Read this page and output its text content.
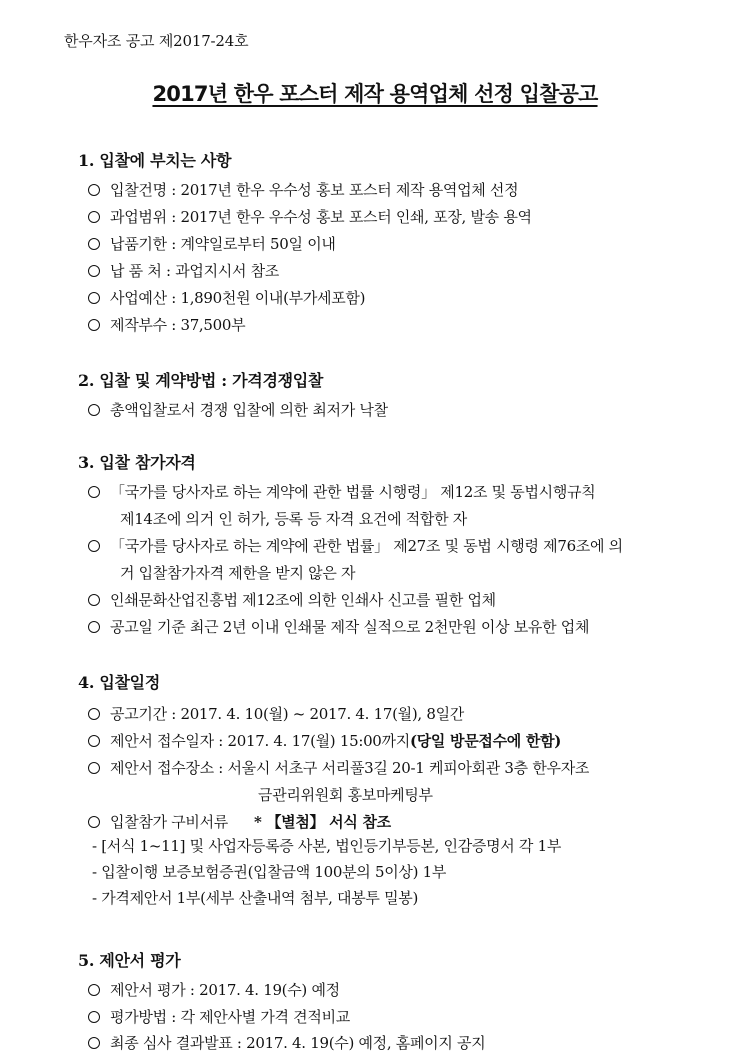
한우자조 공고 제2017-24호
2017년 한우 포스터 제작 용역업체 선정 입찰공고
1. 입찰에 부치는 사항
입찰건명 : 2017년 한우 우수성 홍보 포스터 제작 용역업체 선정
과업범위 : 2017년 한우 우수성 홍보 포스터 인쇄, 포장, 발송 용역
납품기한 : 계약일로부터 50일 이내
납 품 처 : 과업지시서 참조
사업예산 : 1,890천원 이내(부가세포함)
제작부수 : 37,500부
2. 입찰 및 계약방법 : 가격경쟁입찰
총액입찰로서 경쟁 입찰에 의한 최저가 낙찰
3. 입찰 참가자격
「국가를 당사자로 하는 계약에 관한 법률 시행령」 제12조 및 동법시행규칙
제14조에 의거 인 허가, 등록 등 자격 요건에 적합한 자
「국가를 당사자로 하는 계약에 관한 법률」 제27조 및 동법 시행령 제76조에 의
거 입찰참가자격 제한을 받지 않은 자
인쇄문화산업진흥법 제12조에 의한 인쇄사 신고를 필한 업체
공고일 기준 최근 2년 이내 인쇄물 제작 실적으로 2천만원 이상 보유한 업체
4. 입찰일정
공고기간 : 2017. 4. 10(월) ~ 2017. 4. 17(월), 8일간
제안서 접수일자 : 2017. 4. 17(월) 15:00까지(당일 방문접수에 한함)
제안서 접수장소 : 서울시 서초구 서리풀3길 20-1 케피아회관 3층 한우자조
금관리위원회 홍보마케팅부
입찰참가 구비서류 * 【별첨】 서식 참조
- [서식 1~11] 및 사업자등록증 사본, 법인등기부등본, 인감증명서 각 1부
- 입찰이행 보증보험증권(입찰금액 100분의 5이상) 1부
- 가격제안서 1부(세부 산출내역 첨부, 대봉투 밀봉)
5. 제안서 평가
제안서 평가 : 2017. 4. 19(수) 예정
평가방법 : 각 제안사별 가격 견적비교
최종 심사 결과발표 : 2017. 4. 19(수) 예정, 홈페이지 공지
